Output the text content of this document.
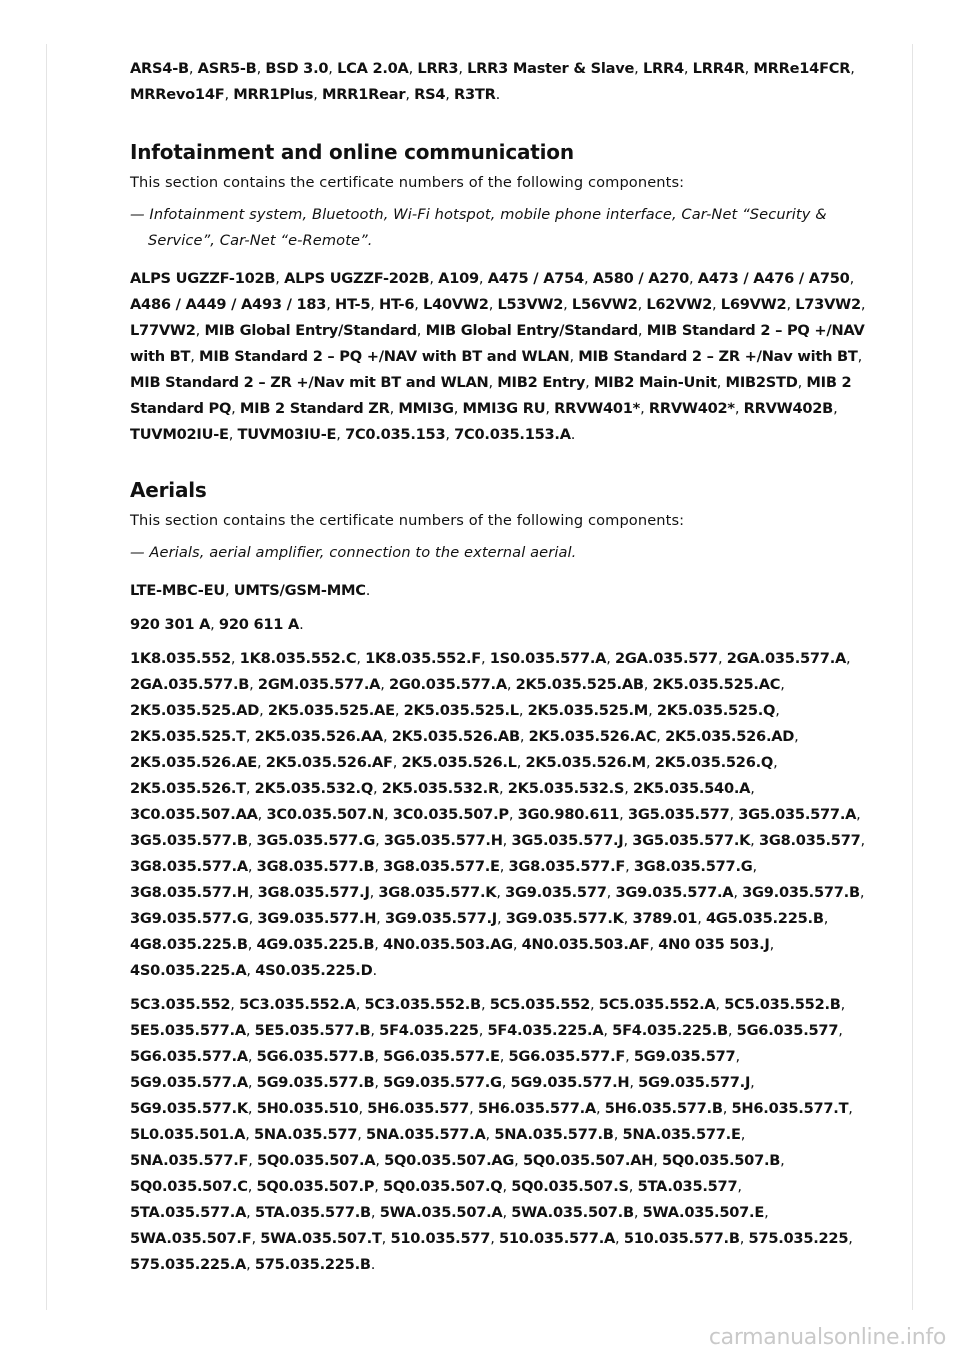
ARS4-B, ASR5-B, BSD 3.0, LCA 2.0A, LRR3, LRR3 Master & Slave, LRR4, LRR4R, MRRe14FCR, MRRevo14F, MRR1Plus, MRR1Rear, RS4, R3TR.

Infotainment and online communication

This section contains the certificate numbers of the following components:

— Infotainment system, Bluetooth, Wi-Fi hotspot, mobile phone interface, Car-Net “Security & Service”, Car-Net “e-Remote”.

ALPS UGZZF-102B, ALPS UGZZF-202B, A109, A475 / A754, A580 / A270, A473 / A476 / A750, A486 / A449 / A493 / 183, HT-5, HT-6, L40VW2, L53VW2, L56VW2, L62VW2, L69VW2, L73VW2, L77VW2, MIB Global Entry/Standard, MIB Global Entry/Standard, MIB Standard 2 – PQ +/NAV with BT, MIB Standard 2 – PQ +/NAV with BT and WLAN, MIB Standard 2 – ZR +/Nav with BT, MIB Standard 2 – ZR +/Nav mit BT and WLAN, MIB2 Entry, MIB2 Main-Unit, MIB2STD, MIB 2 Standard PQ, MIB 2 Standard ZR, MMI3G, MMI3G RU, RRVW401*, RRVW402*, RRVW402B, TUVM02IU-E, TUVM03IU-E, 7C0.035.153, 7C0.035.153.A.

Aerials

This section contains the certificate numbers of the following components:

— Aerials, aerial amplifier, connection to the external aerial.

LTE-MBC-EU, UMTS/GSM-MMC.

920 301 A, 920 611 A.

1K8.035.552, 1K8.035.552.C, 1K8.035.552.F, 1S0.035.577.A, 2GA.035.577, 2GA.035.577.A, 2GA.035.577.B, 2GM.035.577.A, 2G0.035.577.A, 2K5.035.525.AB, 2K5.035.525.AC, 2K5.035.525.AD, 2K5.035.525.AE, 2K5.035.525.L, 2K5.035.525.M, 2K5.035.525.Q, 2K5.035.525.T, 2K5.035.526.AA, 2K5.035.526.AB, 2K5.035.526.AC, 2K5.035.526.AD, 2K5.035.526.AE, 2K5.035.526.AF, 2K5.035.526.L, 2K5.035.526.M, 2K5.035.526.Q, 2K5.035.526.T, 2K5.035.532.Q, 2K5.035.532.R, 2K5.035.532.S, 2K5.035.540.A, 3C0.035.507.AA, 3C0.035.507.N, 3C0.035.507.P, 3G0.980.611, 3G5.035.577, 3G5.035.577.A, 3G5.035.577.B, 3G5.035.577.G, 3G5.035.577.H, 3G5.035.577.J, 3G5.035.577.K, 3G8.035.577, 3G8.035.577.A, 3G8.035.577.B, 3G8.035.577.E, 3G8.035.577.F, 3G8.035.577.G, 3G8.035.577.H, 3G8.035.577.J, 3G8.035.577.K, 3G9.035.577, 3G9.035.577.A, 3G9.035.577.B, 3G9.035.577.G, 3G9.035.577.H, 3G9.035.577.J, 3G9.035.577.K, 3789.01, 4G5.035.225.B, 4G8.035.225.B, 4G9.035.225.B, 4N0.035.503.AG, 4N0.035.503.AF, 4N0 035 503.J, 4S0.035.225.A, 4S0.035.225.D.

5C3.035.552, 5C3.035.552.A, 5C3.035.552.B, 5C5.035.552, 5C5.035.552.A, 5C5.035.552.B, 5E5.035.577.A, 5E5.035.577.B, 5F4.035.225, 5F4.035.225.A, 5F4.035.225.B, 5G6.035.577, 5G6.035.577.A, 5G6.035.577.B, 5G6.035.577.E, 5G6.035.577.F, 5G9.035.577, 5G9.035.577.A, 5G9.035.577.B, 5G9.035.577.G, 5G9.035.577.H, 5G9.035.577.J, 5G9.035.577.K, 5H0.035.510, 5H6.035.577, 5H6.035.577.A, 5H6.035.577.B, 5H6.035.577.T, 5L0.035.501.A, 5NA.035.577, 5NA.035.577.A, 5NA.035.577.B, 5NA.035.577.E, 5NA.035.577.F, 5Q0.035.507.A, 5Q0.035.507.AG, 5Q0.035.507.AH, 5Q0.035.507.B, 5Q0.035.507.C, 5Q0.035.507.P, 5Q0.035.507.Q, 5Q0.035.507.S, 5TA.035.577, 5TA.035.577.A, 5TA.035.577.B, 5WA.035.507.A, 5WA.035.507.B, 5WA.035.507.E, 5WA.035.507.F, 5WA.035.507.T, 510.035.577, 510.035.577.A, 510.035.577.B, 575.035.225, 575.035.225.A, 575.035.225.B.

carmanualsonline.info
